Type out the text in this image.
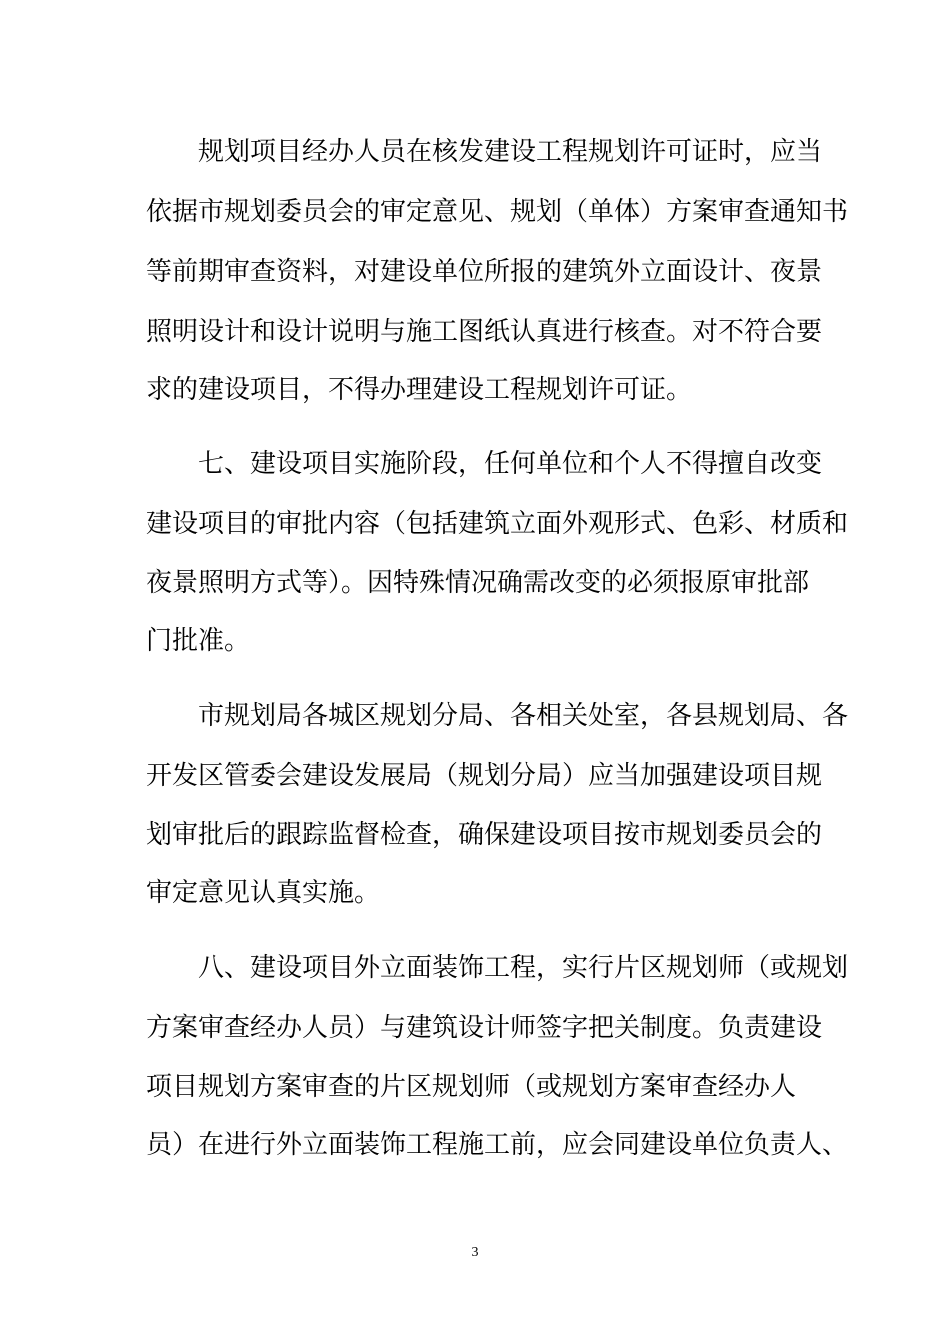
规划项目经办人员在核发建设工程规划许可证时，应当
依据市规划委员会的审定意见、规划（单体）方案审查通知书
等前期审查资料，对建设单位所报的建筑外立面设计、夜景
照明设计和设计说明与施工图纸认真进行核查。对不符合要
求的建设项目，不得办理建设工程规划许可证。
七、建设项目实施阶段，任何单位和个人不得擅自改变
建设项目的审批内容（包括建筑立面外观形式、色彩、材质和
夜景照明方式等）。因特殊情况确需改变的必须报原审批部
门批准。
市规划局各城区规划分局、各相关处室，各县规划局、各
开发区管委会建设发展局（规划分局）应当加强建设项目规
划审批后的跟踪监督检查，确保建设项目按市规划委员会的
审定意见认真实施。
八、建设项目外立面装饰工程，实行片区规划师（或规划
方案审查经办人员）与建筑设计师签字把关制度。负责建设
项目规划方案审查的片区规划师（或规划方案审查经办人
员）在进行外立面装饰工程施工前，应会同建设单位负责人、
3
